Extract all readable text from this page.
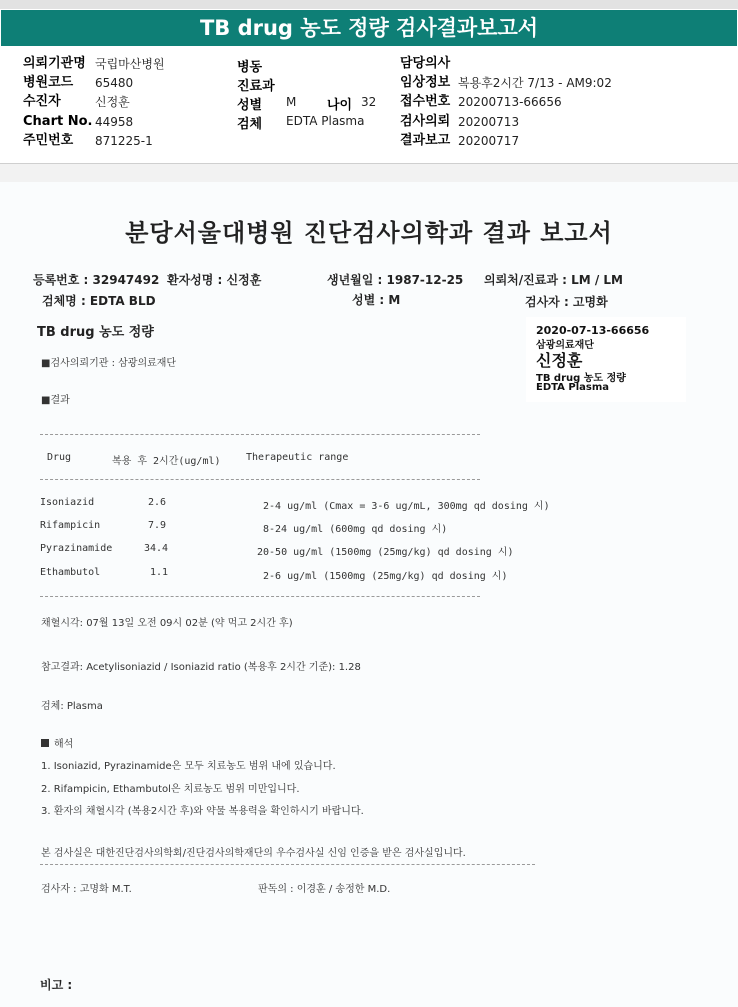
TB drug 농도 정량 검사결과보고서
의뢰기관명 국립마산병원
병원코드 65480
수진자	신정훈
Chart No. 44958
주민번호 871225-1
병동
진료과
성별 M 나이 32
검체 EDTA Plasma
담당의사
임상정보 복용후2시간 7/13 - AM9:02
접수번호 20200713-66656
검사의뢰 20200713
결과보고 20200717
분당서울대병원 진단검사의학과 결과 보고서
등록번호 : 32947492 환자성명 : 신정훈	생년월일 : 1987-12-25 의뢰처/진료과 : LM / LM
검체명 : EDTA BLD	성별 : M	검사자 : 고명화
TB drug 농도 정량	2020-07-13-66656
삼광의료재단
신정훈
TB drug 농도 정량
EDTA Plasma
■검사의뢰기관 : 삼광의료재단
■결과
Drug	복용 후 2시간(ug/ml)	Therapeutic range
Isoniazid	2.6	2-4 ug/ml (Cmax = 3-6 ug/mL, 300mg qd dosing 시)
Rifampicin	7.9	8-24 ug/ml (600mg qd dosing 시)
Pyrazinamide	34.4	20-50 ug/ml (1500mg (25mg/kg) qd dosing 시)
Ethambutol	1.1	2-6 ug/ml (1500mg (25mg/kg) qd dosing 시)
채혈시각: 07월 13일 오전 09시 02분 (약 먹고 2시간 후)
참고결과: Acetylisoniazid / Isoniazid ratio (복용후 2시간 기준): 1.28
검체: Plasma
해석
1. Isoniazid, Pyrazinamide은 모두 치료농도 범위 내에 있습니다.
2. Rifampicin, Ethambutol은 치료농도 범위 미만입니다.
3. 환자의 채혈시각 (복용2시간 후)와 약물 복용력을 확인하시기 바랍니다.
본 검사실은 대한진단검사의학회/진단검사의학재단의 우수검사실 신임 인증을 받은 검사실입니다.
검사자 : 고명화 M.T.	판독의 : 이경훈 / 송정한 M.D.
비고 :
